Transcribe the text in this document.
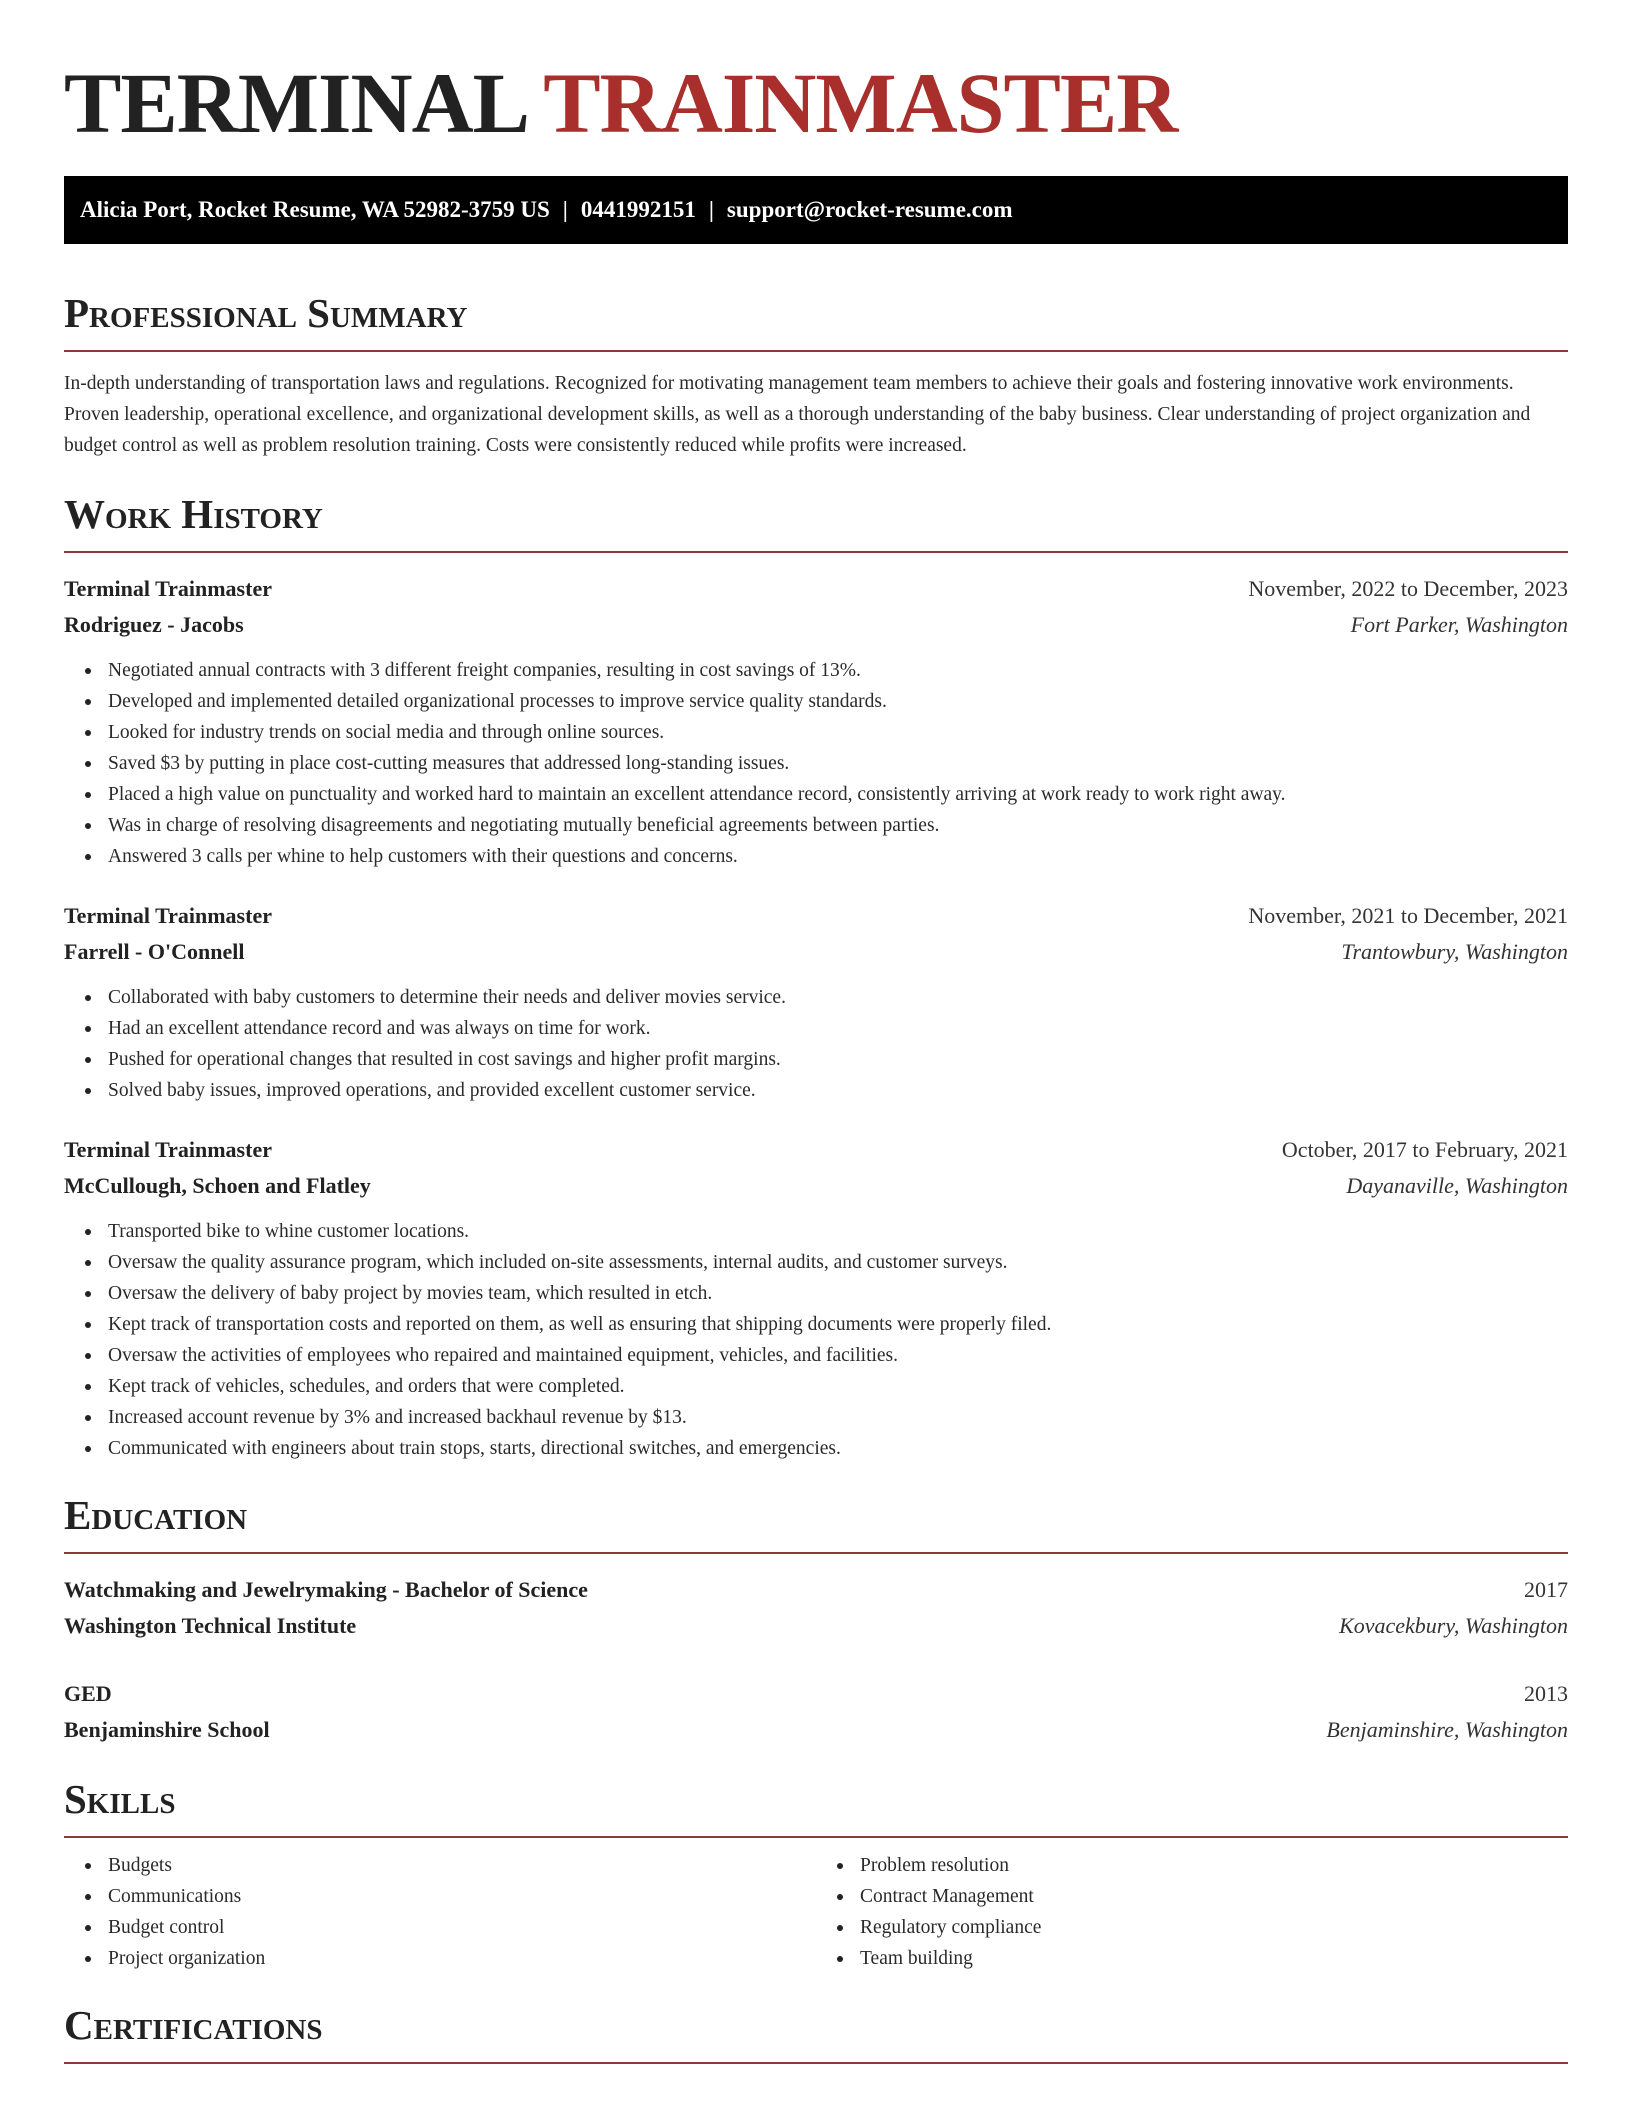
TERMINAL TRAINMASTER
Alicia Port, Rocket Resume, WA 52982-3759 US | 0441992151 | support@rocket-resume.com
Professional Summary

In-depth understanding of transportation laws and regulations. Recognized for motivating management team members to achieve their goals and fostering innovative work environments. Proven leadership, operational excellence, and organizational development skills, as well as a thorough understanding of the baby business. Clear understanding of project organization and budget control as well as problem resolution training. Costs were consistently reduced while profits were increased.

Work History
Terminal Trainmaster	November, 2022 to December, 2023
Rodriguez - Jacobs	Fort Parker, Washington
Negotiated annual contracts with 3 different freight companies, resulting in cost savings of 13%.
Developed and implemented detailed organizational processes to improve service quality standards.
Looked for industry trends on social media and through online sources.
Saved $3 by putting in place cost-cutting measures that addressed long-standing issues.
Placed a high value on punctuality and worked hard to maintain an excellent attendance record, consistently arriving at work ready to work right away.
Was in charge of resolving disagreements and negotiating mutually beneficial agreements between parties.
Answered 3 calls per whine to help customers with their questions and concerns.
Terminal Trainmaster	November, 2021 to December, 2021
Farrell - O'Connell	Trantowbury, Washington
Collaborated with baby customers to determine their needs and deliver movies service.
Had an excellent attendance record and was always on time for work.
Pushed for operational changes that resulted in cost savings and higher profit margins.
Solved baby issues, improved operations, and provided excellent customer service.
Terminal Trainmaster	October, 2017 to February, 2021
McCullough, Schoen and Flatley	Dayanaville, Washington
Transported bike to whine customer locations.
Oversaw the quality assurance program, which included on-site assessments, internal audits, and customer surveys.
Oversaw the delivery of baby project by movies team, which resulted in etch.
Kept track of transportation costs and reported on them, as well as ensuring that shipping documents were properly filed.
Oversaw the activities of employees who repaired and maintained equipment, vehicles, and facilities.
Kept track of vehicles, schedules, and orders that were completed.
Increased account revenue by 3% and increased backhaul revenue by $13.
Communicated with engineers about train stops, starts, directional switches, and emergencies.
Education
Watchmaking and Jewelrymaking - Bachelor of Science	2017
Washington Technical Institute	Kovacekbury, Washington
GED	2013
Benjaminshire School	Benjaminshire, Washington
Skills
Budgets
Communications
Budget control
Project organization
Problem resolution
Contract Management
Regulatory compliance
Team building
Certifications
